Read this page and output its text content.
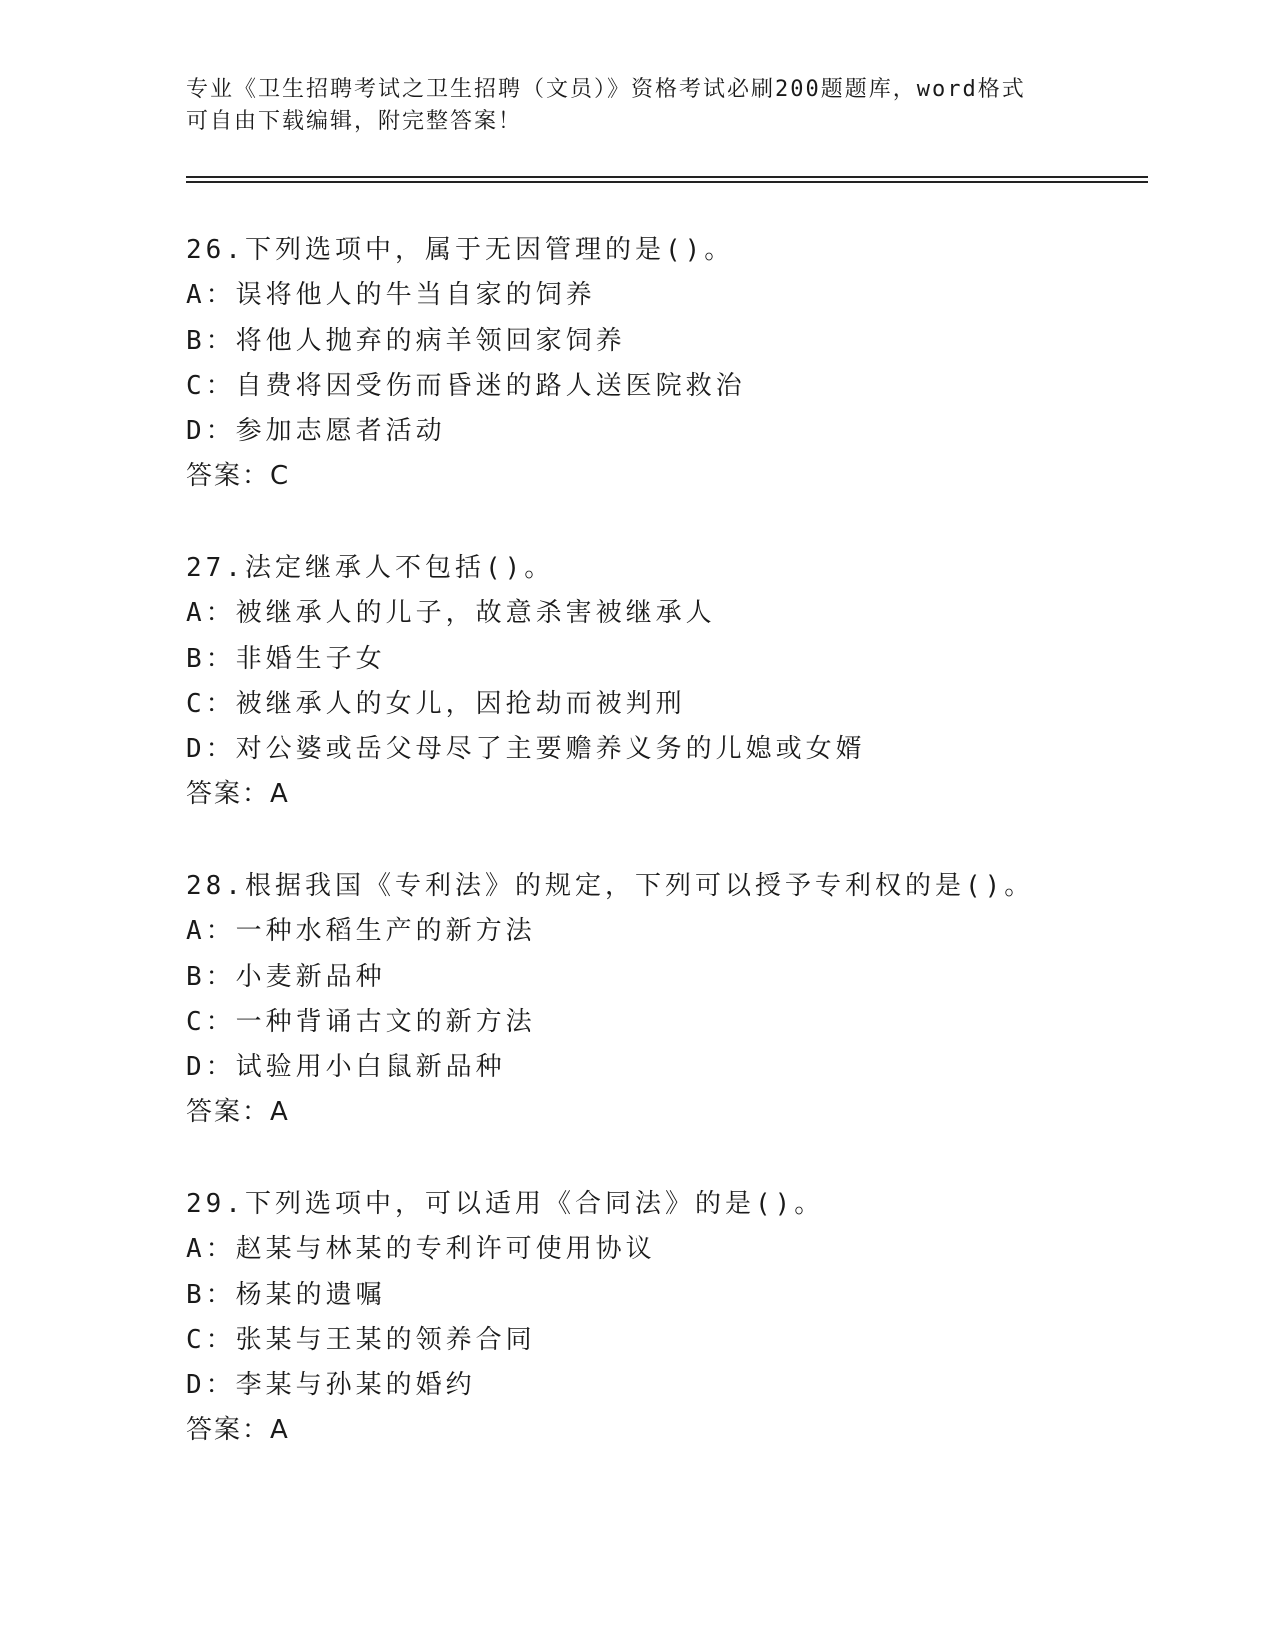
专业《卫生招聘考试之卫生招聘（文员）》资格考试必刷200题题库，word格式
可自由下载编辑，附完整答案！
26.下列选项中，属于无因管理的是()。
A：误将他人的牛当自家的饲养
B：将他人抛弃的病羊领回家饲养
C：自费将因受伤而昏迷的路人送医院救治
D：参加志愿者活动
答案：C
27.法定继承人不包括()。
A：被继承人的儿子，故意杀害被继承人
B：非婚生子女
C：被继承人的女儿，因抢劫而被判刑
D：对公婆或岳父母尽了主要赡养义务的儿媳或女婿
答案：A
28.根据我国《专利法》的规定，下列可以授予专利权的是()。
A：一种水稻生产的新方法
B：小麦新品种
C：一种背诵古文的新方法
D：试验用小白鼠新品种
答案：A
29.下列选项中，可以适用《合同法》的是()。
A：赵某与林某的专利许可使用协议
B：杨某的遗嘱
C：张某与王某的领养合同
D：李某与孙某的婚约
答案：A
